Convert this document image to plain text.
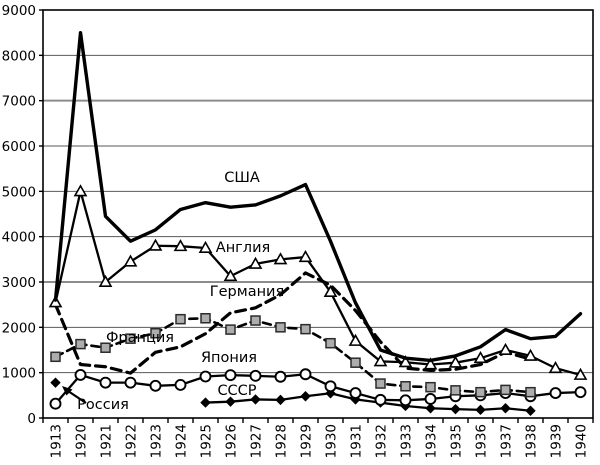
0
1000
2000
3000
4000
5000
6000
7000
8000
9000
1913 1920 1921 1922 1923 1924 1925 1926 1927 1928 1929 1930 1931 1932 1933 1934 1935 1936 1937 1938 1939 1940
США
Англия
Германия
Франция
Япония
СССР
Россия
